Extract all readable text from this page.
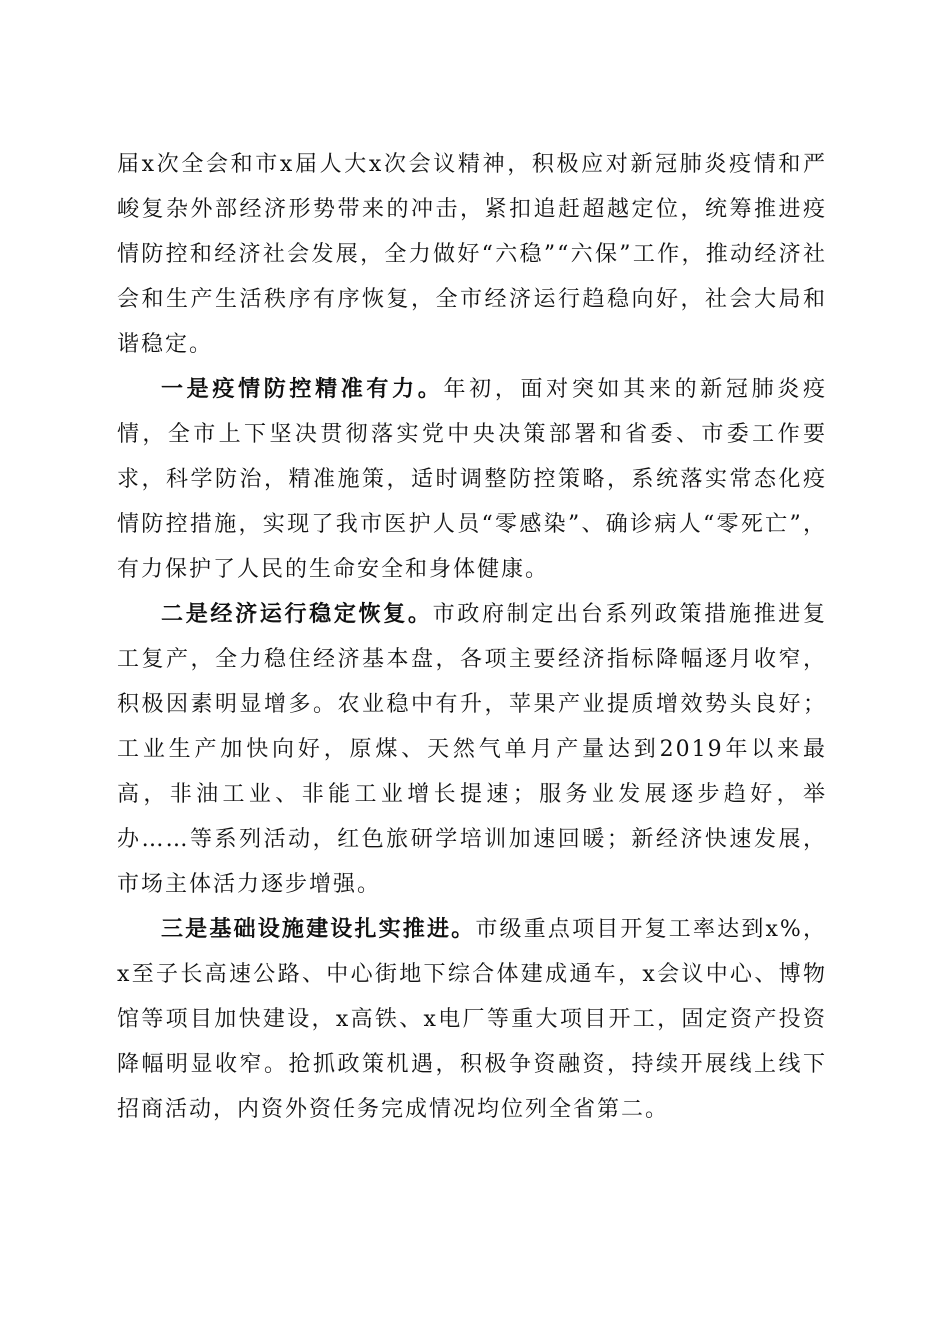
届x次全会和市x届人大x次会议精神，积极应对新冠肺炎疫情和严峻复杂外部经济形势带来的冲击，紧扣追赶超越定位，统筹推进疫情防控和经济社会发展，全力做好“六稳”“六保”工作，推动经济社会和生产生活秩序有序恢复，全市经济运行趋稳向好，社会大局和谐稳定。

一是疫情防控精准有力。年初，面对突如其来的新冠肺炎疫情，全市上下坚决贯彻落实党中央决策部署和省委、市委工作要求，科学防治，精准施策，适时调整防控策略，系统落实常态化疫情防控措施，实现了我市医护人员“零感染”、确诊病人“零死亡”，有力保护了人民的生命安全和身体健康。

二是经济运行稳定恢复。市政府制定出台系列政策措施推进复工复产，全力稳住经济基本盘，各项主要经济指标降幅逐月收窄，积极因素明显增多。农业稳中有升，苹果产业提质增效势头良好；工业生产加快向好，原煤、天然气单月产量达到2019年以来最高，非油工业、非能工业增长提速；服务业发展逐步趋好，举办……等系列活动，红色旅研学培训加速回暖；新经济快速发展，市场主体活力逐步增强。

三是基础设施建设扎实推进。市级重点项目开复工率达到x%，x至子长高速公路、中心街地下综合体建成通车，x会议中心、博物馆等项目加快建设，x高铁、x电厂等重大项目开工，固定资产投资降幅明显收窄。抢抓政策机遇，积极争资融资，持续开展线上线下招商活动，内资外资任务完成情况均位列全省第二。
